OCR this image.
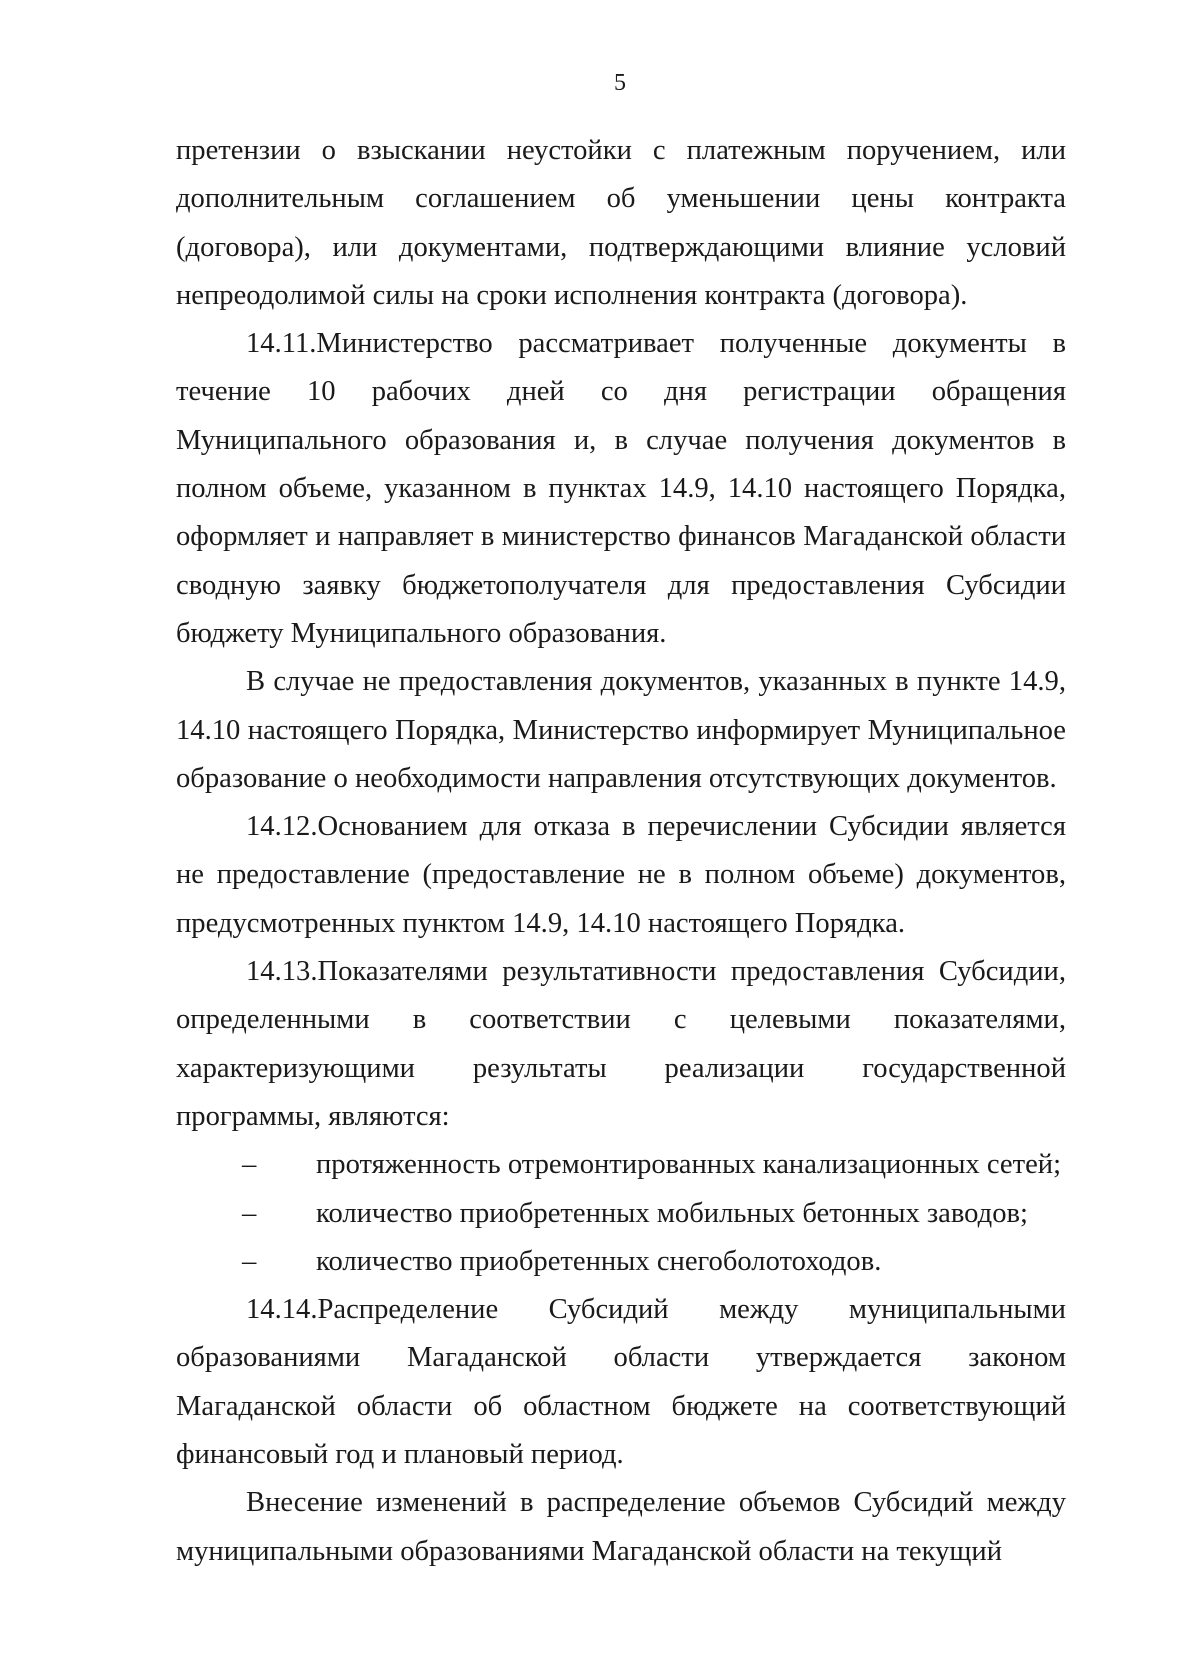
5

претензии о взыскании неустойки с платежным поручением, или дополнительным соглашением об уменьшении цены контракта (договора), или документами, подтверждающими влияние условий непреодолимой силы на сроки исполнения контракта (договора).

14.11.Министерство рассматривает полученные документы в течение 10 рабочих дней со дня регистрации обращения Муниципального образования и, в случае получения документов в полном объеме, указанном в пунктах 14.9, 14.10 настоящего Порядка, оформляет и направляет в министерство финансов Магаданской области сводную заявку бюджетополучателя для предоставления Субсидии бюджету Муниципального образования.

В случае не предоставления документов, указанных в пункте 14.9, 14.10 настоящего Порядка, Министерство информирует Муниципальное образование о необходимости направления отсутствующих документов.

14.12.Основанием для отказа в перечислении Субсидии является не предоставление (предоставление не в полном объеме) документов, предусмотренных пунктом 14.9, 14.10 настоящего Порядка.

14.13.Показателями результативности предоставления Субсидии, определенными в соответствии с целевыми показателями, характеризующими результаты реализации государственной программы, являются:

– протяженность отремонтированных канализационных сетей;

– количество приобретенных мобильных бетонных заводов;

– количество приобретенных снегоболотоходов.

14.14.Распределение Субсидий между муниципальными образованиями Магаданской области утверждается законом Магаданской области об областном бюджете на соответствующий финансовый год и плановый период.

Внесение изменений в распределение объемов Субсидий между муниципальными образованиями Магаданской области на текущий
